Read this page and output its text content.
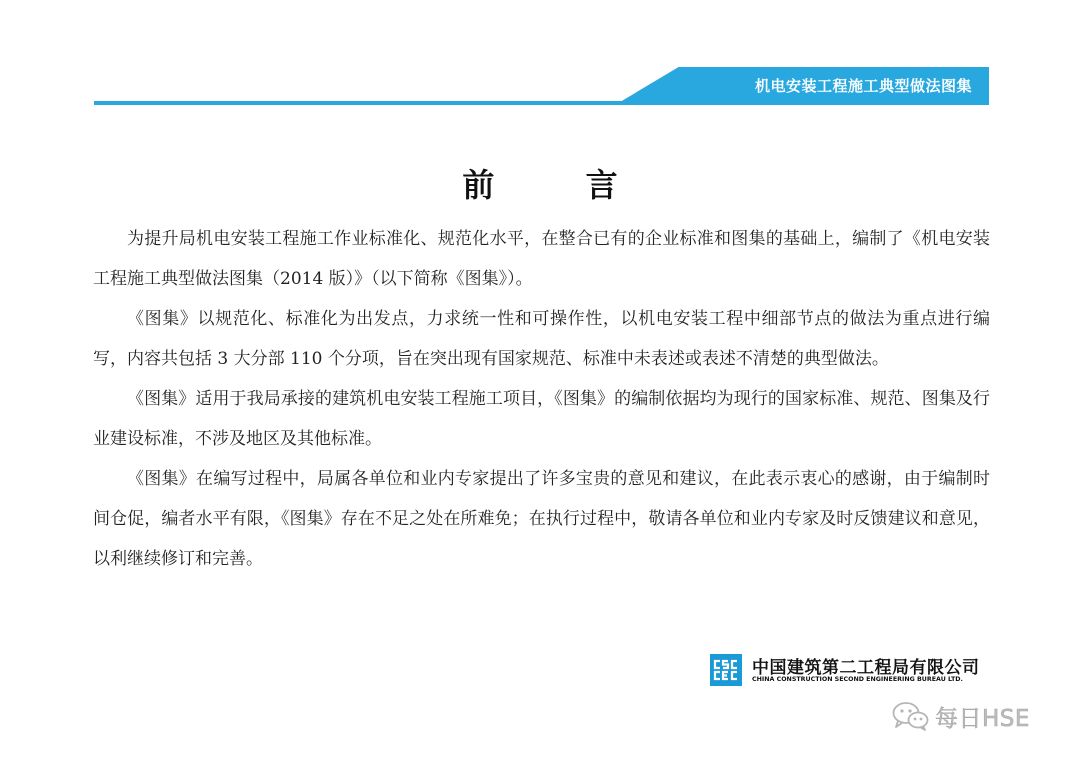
机电安装工程施工典型做法图集
前 言

为提升局机电安装工程施工作业标准化、规范化水平，在整合已有的企业标准和图集的基础上，编制了《机电安装工程施工典型做法图集（2014 版）》（以下简称《图集》）。

《图集》以规范化、标准化为出发点，力求统一性和可操作性，以机电安装工程中细部节点的做法为重点进行编写，内容共包括 3 大分部 110 个分项，旨在突出现有国家规范、标准中未表述或表述不清楚的典型做法。

《图集》适用于我局承接的建筑机电安装工程施工项目，《图集》的编制依据均为现行的国家标准、规范、图集及行业建设标准，不涉及地区及其他标准。

《图集》在编写过程中，局属各单位和业内专家提出了许多宝贵的意见和建议，在此表示衷心的感谢，由于编制时间仓促，编者水平有限，《图集》存在不足之处在所难免；在执行过程中，敬请各单位和业内专家及时反馈建议和意见，以利继续修订和完善。

中国建筑第二工程局有限公司
CHINA CONSTRUCTION SECOND ENGINEERING BUREAU LTD.
每日HSE
